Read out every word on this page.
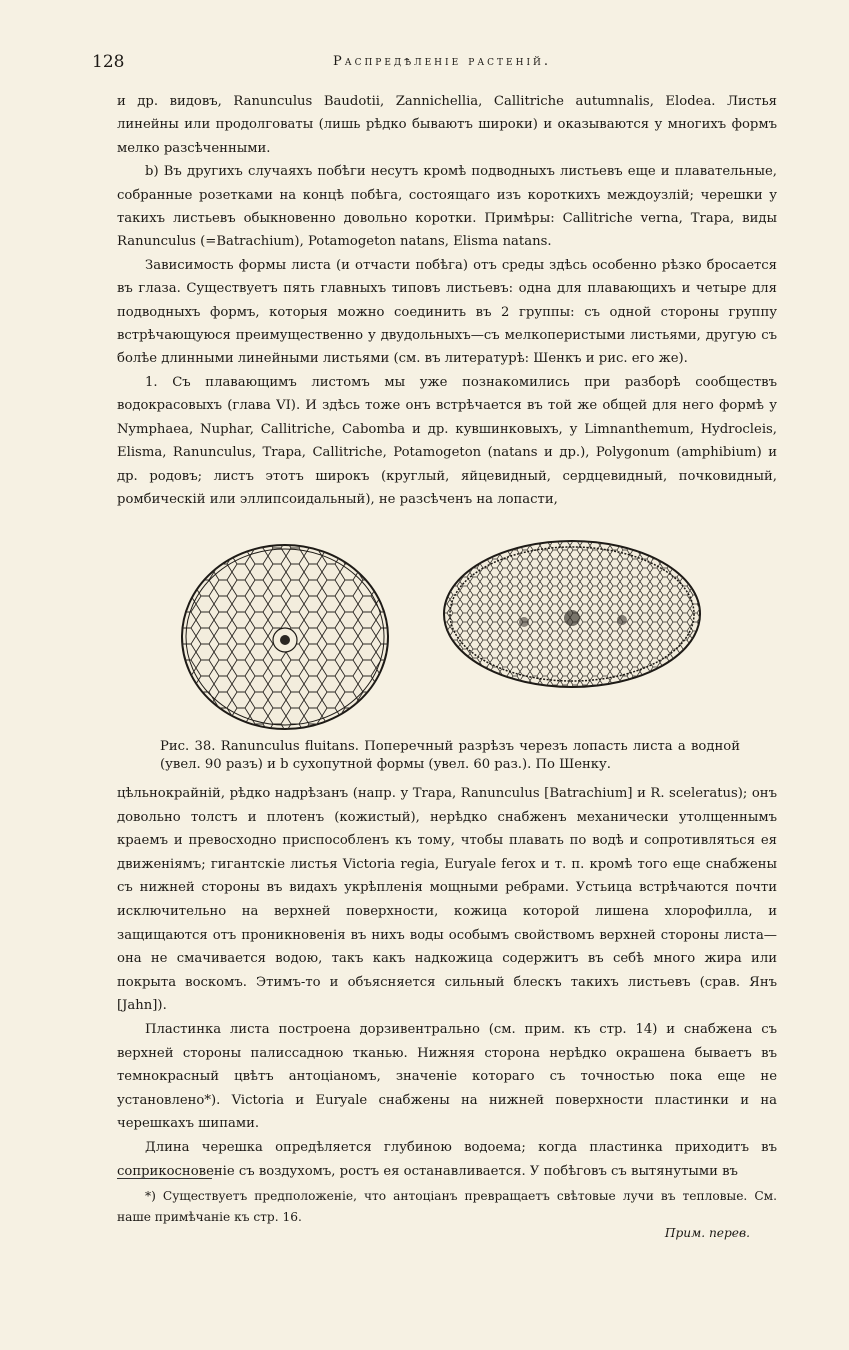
128	Распредѣленіе растеній.

и др. видовъ, Ranunculus Baudotii, Zannichellia, Callitriche autumnalis, Elodea. Листья линейны или продолговаты (лишь рѣдко бываютъ широки) и оказываются у многихъ формъ мелко разсѣченными.

b) Въ другихъ случаяхъ побѣги несутъ кромѣ подводныхъ листьевъ еще и плавательные, собранные розетками на концѣ побѣга, состоящаго изъ короткихъ междоузлій; черешки у такихъ листьевъ обыкновенно довольно коротки. Примѣры: Callitriche verna, Trapa, виды Ranunculus (=Batrachium), Potamogeton natans, Elisma natans.

Зависимость формы листа (и отчасти побѣга) отъ среды здѣсь особенно рѣзко бросается въ глаза. Существуетъ пять главныхъ типовъ листьевъ: одна для плавающихъ и четыре для подводныхъ формъ, которыя можно соединить въ 2 группы: съ одной стороны группу встрѣчающуюся преимущественно у двудольныхъ—съ мелкоперистыми листьями, другую съ болѣе длинными линейными листьями (см. въ литературѣ: Шенкъ и рис. его же).

1. Съ плавающимъ листомъ мы уже познакомились при разборѣ сообществъ водокрасовыхъ (глава VI). И здѣсь тоже онъ встрѣчается въ той же общей для него формѣ у Nymphaea, Nuphar, Callitriche, Cabomba и др. кувшинковыхъ, у Limnanthemum, Hydrocleis, Elisma, Ranunculus, Trapa, Callitriche, Potamogeton (natans и др.), Polygonum (amphibium) и др. родовъ; листъ этотъ широкъ (круглый, яйцевидный, сердцевидный, почковидный, ромбическій или эллипсоидальный), не разсѣченъ на лопасти,

Рис. 38. Ranunculus fluitans. Поперечный разрѣзъ черезъ лопасть листа a водной (увел. 90 разъ) и b сухопутной формы (увел. 60 раз.). По Шенку.

цѣльнокрайній, рѣдко надрѣзанъ (напр. у Trapa, Ranunculus [Batrachium] и R. sceleratus); онъ довольно толстъ и плотенъ (кожистый), нерѣдко снабженъ механически утолщеннымъ краемъ и превосходно приспособленъ къ тому, чтобы плавать по водѣ и сопротивляться ея движеніямъ; гигантскіе листья Victoria regia, Euryale ferox и т. п. кромѣ того еще снабжены съ нижней стороны въ видахъ укрѣпленія мощными ребрами. Устьица встрѣчаются почти исключительно на верхней поверхности, кожица которой лишена хлорофилла, и защищаются отъ проникновенія въ нихъ воды особымъ свойствомъ верхней стороны листа—она не смачивается водою, такъ какъ надкожица содержитъ въ себѣ много жира или покрыта воскомъ. Этимъ-то и объясняется сильный блескъ такихъ листьевъ (срав. Янъ [Jahn]).

Пластинка листа построена дорзивентрально (см. прим. къ стр. 14) и снабжена съ верхней стороны палиссадною тканью. Нижняя сторона нерѣдко окрашена бываетъ въ темнокрасный цвѣтъ антоціаномъ, значеніе котораго съ точностью пока еще не установлено*). Victoria и Euryale снабжены на нижней поверхности пластинки и на черешкахъ шипами.

Длина черешка опредѣляется глубиною водоема; когда пластинка приходитъ въ соприкосновеніе съ воздухомъ, ростъ ея останавливается. У побѣговъ съ вытянутыми въ

*) Существуетъ предположеніе, что антоціанъ превращаетъ свѣтовые лучи въ тепловые. См. наше примѣчаніе къ стр. 16.
Прим. перев.
